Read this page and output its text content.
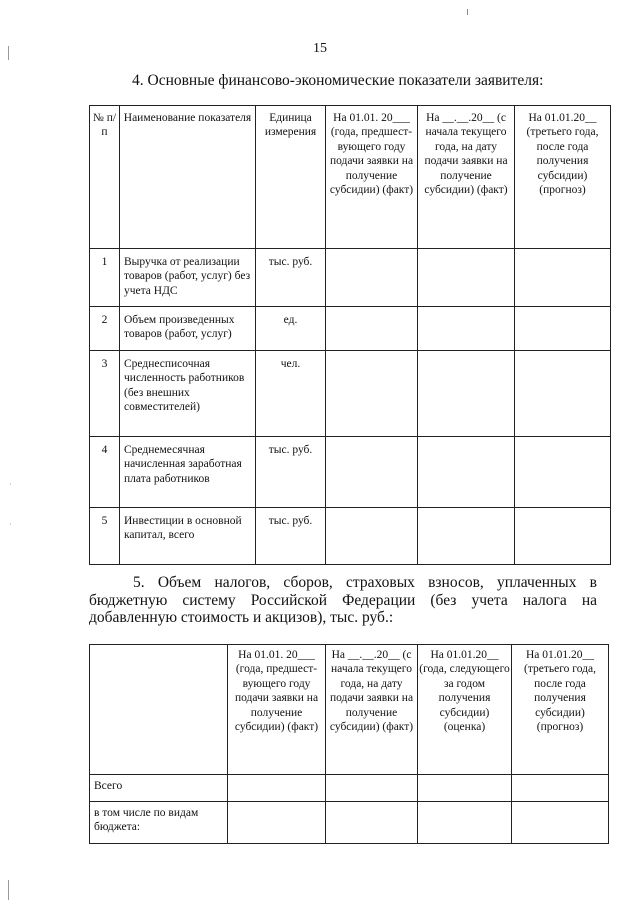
·
·
15
4. Основные финансово-экономические показатели заявителя:
№ п/п	Наименование показателя	Единица измерения	На 01.01. 20___ (года, предшест- вующего году подачи заявки на получение субсидии) (факт)	На __.__.20__ (с начала текущего года, на дату подачи заявки на получение субсидии) (факт)	На 01.01.20__ (третьего года, после года получения субсидии) (прогноз)
1	Выручка от реализации товаров (работ, услуг) без учета НДС	тыс. руб.			
2	Объем произведенных товаров (работ, услуг)	ед.			
3	Среднесписочная численность работников (без внешних совместителей)	чел.			
4	Среднемесячная начисленная заработная плата работников	тыс. руб.			
5	Инвестиции в основной капитал, всего	тыс. руб.			
5. Объем налогов, сборов, страховых взносов, уплаченных в бюджетную систему Российской Федерации (без учета налога на добавленную стоимость и акцизов), тыс. руб.:
	На 01.01. 20___ (года, предшест- вующего году подачи заявки на получение субсидии) (факт)	На __.__.20__ (с начала текущего года, на дату подачи заявки на получение субсидии) (факт)	На 01.01.20__ (года, следующего за годом получения субсидии) (оценка)	На 01.01.20__ (третьего года, после года получения субсидии) (прогноз)
Всего				
в том числе по видам бюджета:				
